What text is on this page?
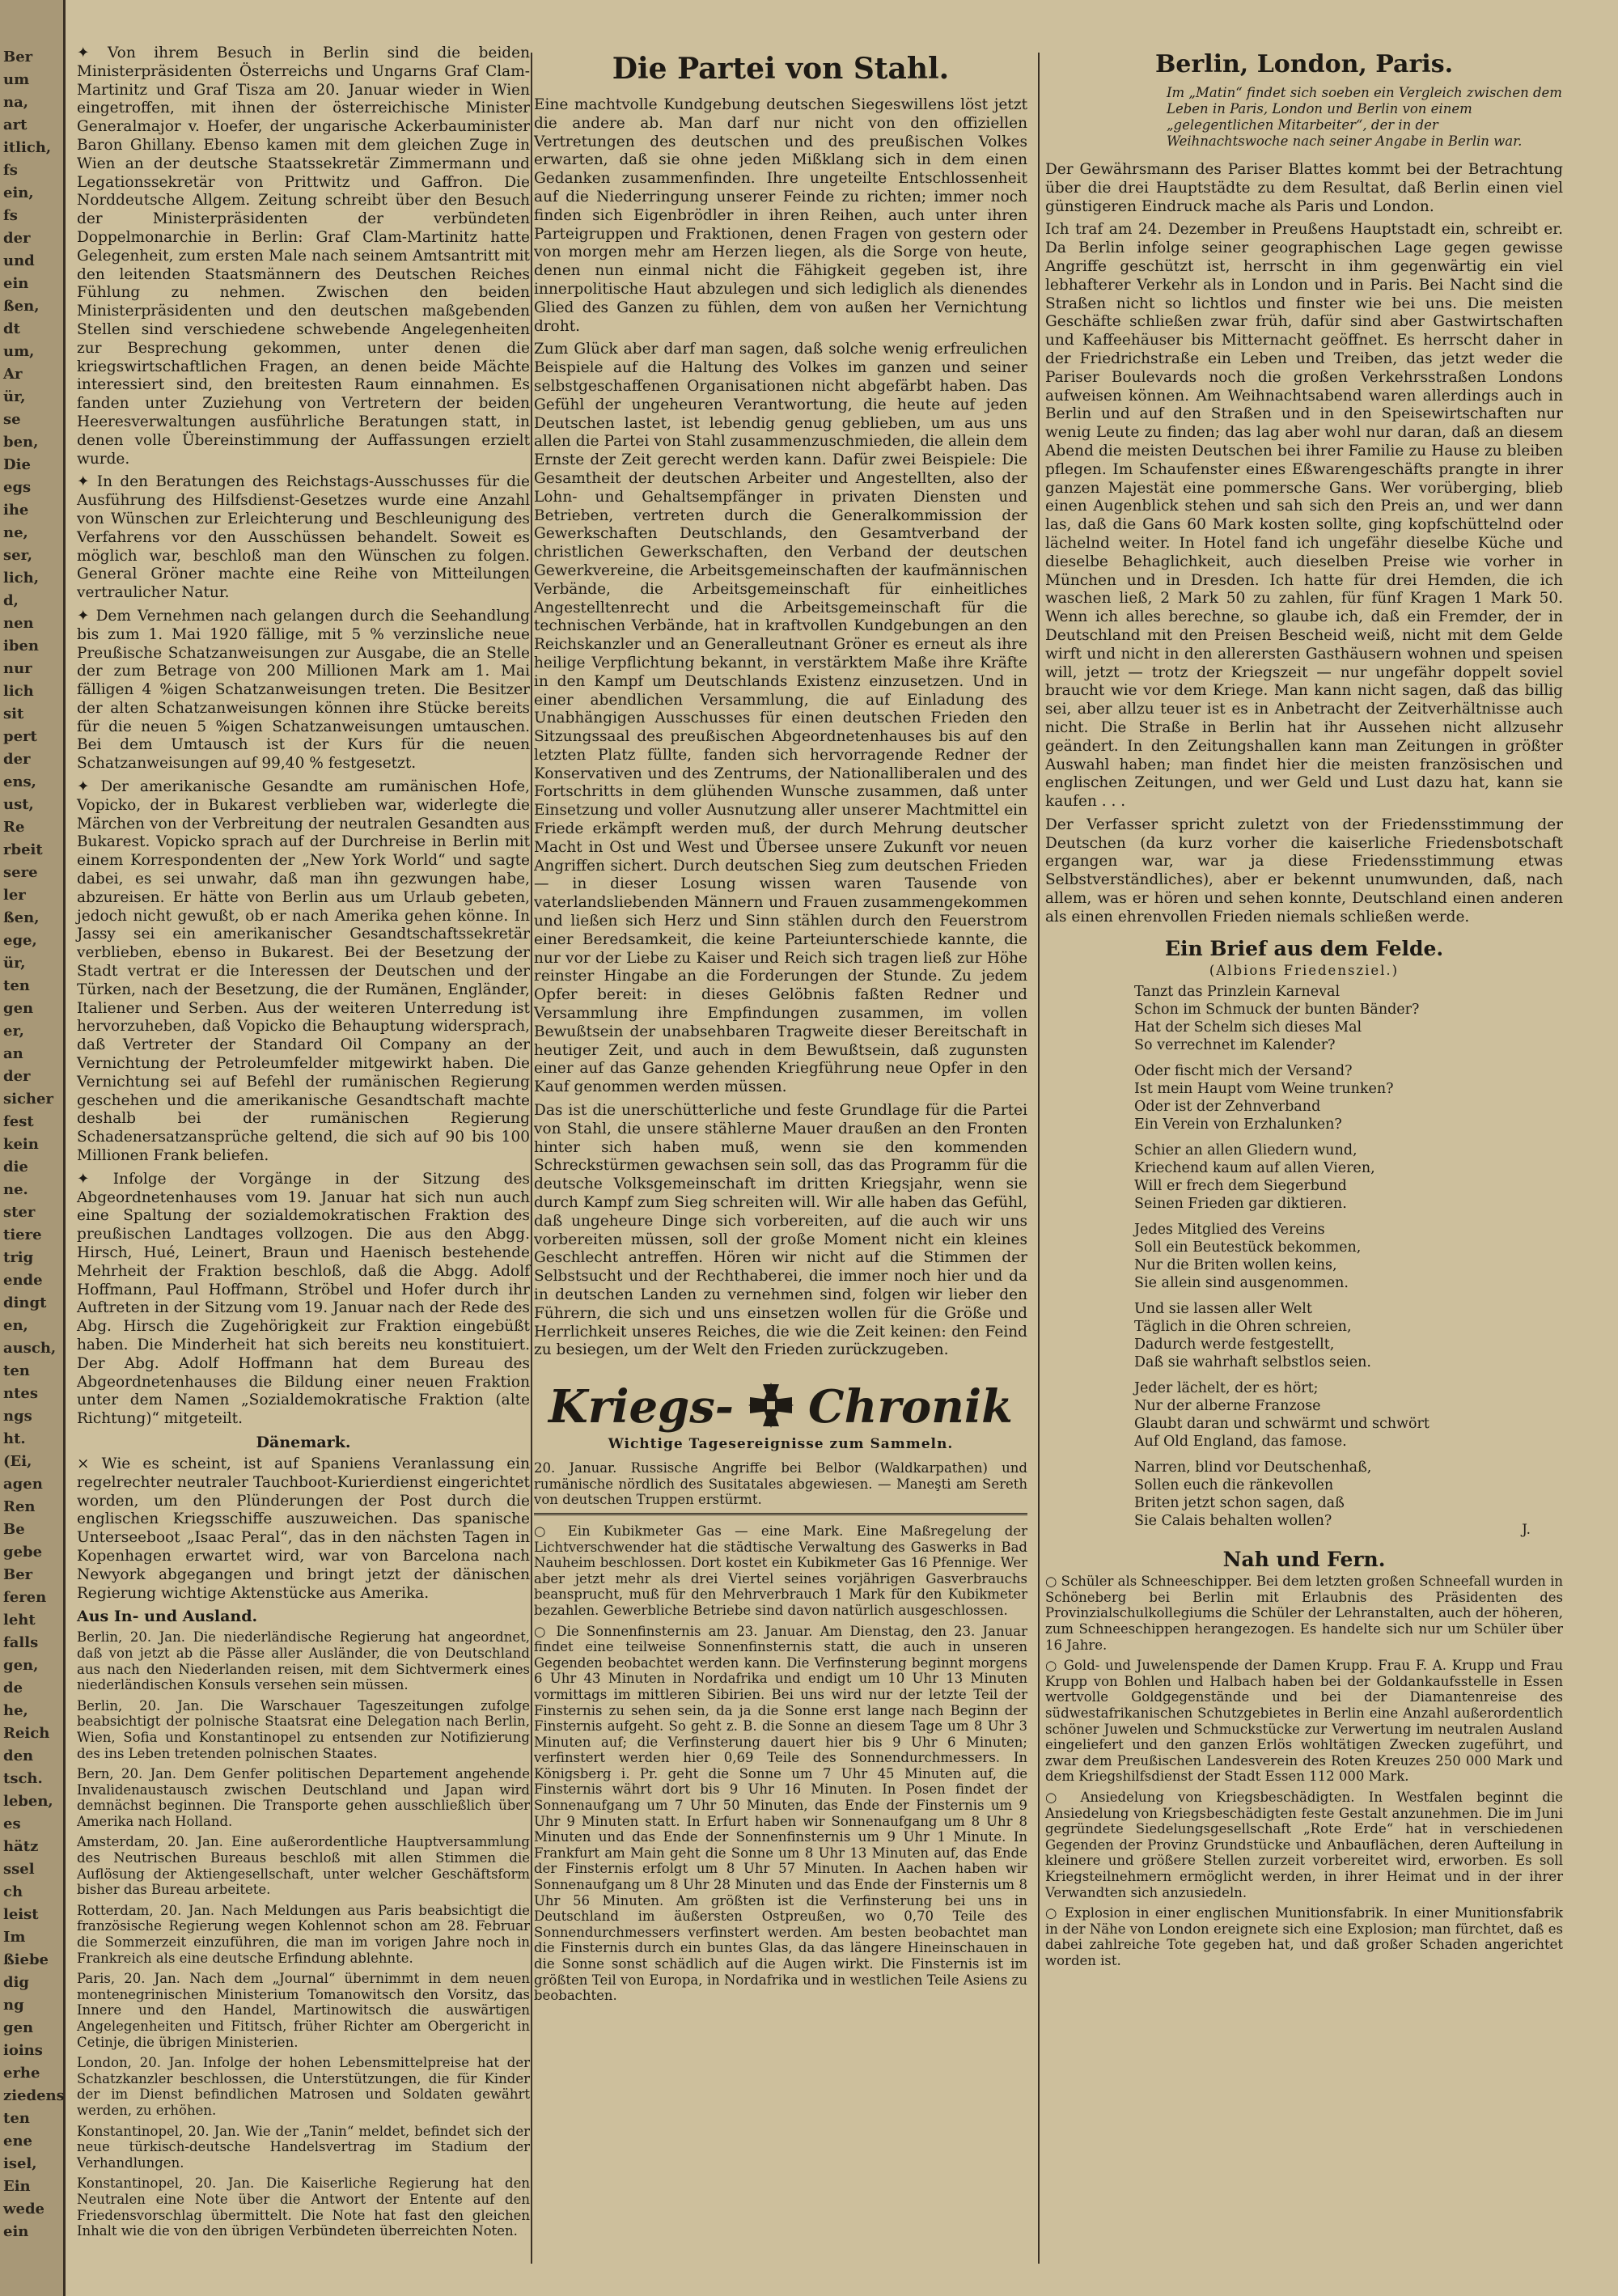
Ber
um
na,
art
itlich,
fs
ein,
fs
der
und
ein
ßen,
dt
um,
Ar
ür,
se
ben,
Die
egs
ihe
ne,
ser,
lich,
d,
nen
iben
nur
lich
sit
pert
der
ens,
ust,
Re
rbeit
sere
ler
ßen,
ege,
ür,
ten
gen
er,
an
der
sicher
fest
kein
die
ne.
ster
tiere
trig
ende
dingt
en,
ausch,
ten
ntes
ngs
ht.
(Ei,
agen
Ren
Be
gebe
Ber
feren
leht
falls
gen,
de
he,
Reich
den
tsch.
leben,
es
hätz
ssel
ch
leist
Im
ßiebe
dig
ng
gen
ioins
erhe
ziedens
ten
ene
isel,
Ein
wede
ein

✦ Von ihrem Besuch in Berlin sind die beiden Ministerpräsidenten Österreichs und Ungarns Graf Clam-Martinitz und Graf Tisza am 20. Januar wieder in Wien eingetroffen, mit ihnen der österreichische Minister Generalmajor v. Hoefer, der ungarische Ackerbauminister Baron Ghillany. Ebenso kamen mit dem gleichen Zuge in Wien an der deutsche Staatssekretär Zimmermann und Legationssekretär von Prittwitz und Gaffron. Die Norddeutsche Allgem. Zeitung schreibt über den Besuch der Ministerpräsidenten der verbündeten Doppelmonarchie in Berlin: Graf Clam-Martinitz hatte Gelegenheit, zum ersten Male nach seinem Amtsantritt mit den leitenden Staatsmännern des Deutschen Reiches Fühlung zu nehmen. Zwischen den beiden Ministerpräsidenten und den deutschen maßgebenden Stellen sind verschiedene schwebende Angelegenheiten zur Besprechung gekommen, unter denen die kriegswirtschaftlichen Fragen, an denen beide Mächte interessiert sind, den breitesten Raum einnahmen. Es fanden unter Zuziehung von Vertretern der beiden Heeresverwaltungen ausführliche Beratungen statt, in denen volle Übereinstimmung der Auffassungen erzielt wurde.

✦ In den Beratungen des Reichstags-Ausschusses für die Ausführung des Hilfsdienst-Gesetzes wurde eine Anzahl von Wünschen zur Erleichterung und Beschleunigung des Verfahrens vor den Ausschüssen behandelt. Soweit es möglich war, beschloß man den Wünschen zu folgen. General Gröner machte eine Reihe von Mitteilungen vertraulicher Natur.

✦ Dem Vernehmen nach gelangen durch die Seehandlung bis zum 1. Mai 1920 fällige, mit 5 % verzinsliche neue Preußische Schatzanweisungen zur Ausgabe, die an Stelle der zum Betrage von 200 Millionen Mark am 1. Mai fälligen 4 %igen Schatzanweisungen treten. Die Besitzer der alten Schatzanweisungen können ihre Stücke bereits für die neuen 5 %igen Schatzanweisungen umtauschen. Bei dem Umtausch ist der Kurs für die neuen Schatzanweisungen auf 99,40 % festgesetzt.

✦ Der amerikanische Gesandte am rumänischen Hofe, Vopicko, der in Bukarest verblieben war, widerlegte die Märchen von der Verbreitung der neutralen Gesandten aus Bukarest. Vopicko sprach auf der Durchreise in Berlin mit einem Korrespondenten der „New York World“ und sagte dabei, es sei unwahr, daß man ihn gezwungen habe, abzureisen. Er hätte von Berlin aus um Urlaub gebeten, jedoch nicht gewußt, ob er nach Amerika gehen könne. In Jassy sei ein amerikanischer Gesandtschaftssekretär verblieben, ebenso in Bukarest. Bei der Besetzung der Stadt vertrat er die Interessen der Deutschen und der Türken, nach der Besetzung, die der Rumänen, Engländer, Italiener und Serben. Aus der weiteren Unterredung ist hervorzuheben, daß Vopicko die Behauptung widersprach, daß Vertreter der Standard Oil Company an der Vernichtung der Petroleumfelder mitgewirkt haben. Die Vernichtung sei auf Befehl der rumänischen Regierung geschehen und die amerikanische Gesandtschaft machte deshalb bei der rumänischen Regierung Schadenersatzansprüche geltend, die sich auf 90 bis 100 Millionen Frank beliefen.

✦ Infolge der Vorgänge in der Sitzung des Abgeordnetenhauses vom 19. Januar hat sich nun auch eine Spaltung der sozialdemokratischen Fraktion des preußischen Landtages vollzogen. Die aus den Abgg. Hirsch, Hué, Leinert, Braun und Haenisch bestehende Mehrheit der Fraktion beschloß, daß die Abgg. Adolf Hoffmann, Paul Hoffmann, Ströbel und Hofer durch ihr Auftreten in der Sitzung vom 19. Januar nach der Rede des Abg. Hirsch die Zugehörigkeit zur Fraktion eingebüßt haben. Die Minderheit hat sich bereits neu konstituiert. Der Abg. Adolf Hoffmann hat dem Bureau des Abgeordnetenhauses die Bildung einer neuen Fraktion unter dem Namen „Sozialdemokratische Fraktion (alte Richtung)“ mitgeteilt.

Dänemark.

× Wie es scheint, ist auf Spaniens Veranlassung ein regelrechter neutraler Tauchboot-Kurierdienst eingerichtet worden, um den Plünderungen der Post durch die englischen Kriegsschiffe auszuweichen. Das spanische Unterseeboot „Isaac Peral“, das in den nächsten Tagen in Kopenhagen erwartet wird, war von Barcelona nach Newyork abgegangen und bringt jetzt der dänischen Regierung wichtige Aktenstücke aus Amerika.

Aus In- und Ausland.

Berlin, 20. Jan. Die niederländische Regierung hat angeordnet, daß von jetzt ab die Pässe aller Ausländer, die von Deutschland aus nach den Niederlanden reisen, mit dem Sichtvermerk eines niederländischen Konsuls versehen sein müssen.

Berlin, 20. Jan. Die Warschauer Tageszeitungen zufolge beabsichtigt der polnische Staatsrat eine Delegation nach Berlin, Wien, Sofia und Konstantinopel zu entsenden zur Notifizierung des ins Leben tretenden polnischen Staates.

Bern, 20. Jan. Dem Genfer politischen Departement angehende Invalidenaustausch zwischen Deutschland und Japan wird demnächst beginnen. Die Transporte gehen ausschließlich über Amerika nach Holland.

Amsterdam, 20. Jan. Eine außerordentliche Hauptversammlung des Neutrischen Bureaus beschloß mit allen Stimmen die Auflösung der Aktiengesellschaft, unter welcher Geschäftsform bisher das Bureau arbeitete.

Rotterdam, 20. Jan. Nach Meldungen aus Paris beabsichtigt die französische Regierung wegen Kohlennot schon am 28. Februar die Sommerzeit einzuführen, die man im vorigen Jahre noch in Frankreich als eine deutsche Erfindung ablehnte.

Paris, 20. Jan. Nach dem „Journal“ übernimmt in dem neuen montenegrinischen Ministerium Tomanowitsch den Vorsitz, das Innere und den Handel, Martinowitsch die auswärtigen Angelegenheiten und Fititsch, früher Richter am Obergericht in Cetinje, die übrigen Ministerien.

London, 20. Jan. Infolge der hohen Lebensmittelpreise hat der Schatzkanzler beschlossen, die Unterstützungen, die für Kinder der im Dienst befindlichen Matrosen und Soldaten gewährt werden, zu erhöhen.

Konstantinopel, 20. Jan. Wie der „Tanin“ meldet, befindet sich der neue türkisch-deutsche Handelsvertrag im Stadium der Verhandlungen.

Konstantinopel, 20. Jan. Die Kaiserliche Regierung hat den Neutralen eine Note über die Antwort der Entente auf den Friedensvorschlag übermittelt. Die Note hat fast den gleichen Inhalt wie die von den übrigen Verbündeten überreichten Noten.

Die Partei von Stahl.

Eine machtvolle Kundgebung deutschen Siegeswillens löst jetzt die andere ab. Man darf nur nicht von den offiziellen Vertretungen des deutschen und des preußischen Volkes erwarten, daß sie ohne jeden Mißklang sich in dem einen Gedanken zusammenfinden. Ihre ungeteilte Entschlossenheit auf die Niederringung unserer Feinde zu richten; immer noch finden sich Eigenbrödler in ihren Reihen, auch unter ihren Parteigruppen und Fraktionen, denen Fragen von gestern oder von morgen mehr am Herzen liegen, als die Sorge von heute, denen nun einmal nicht die Fähigkeit gegeben ist, ihre innerpolitische Haut abzulegen und sich lediglich als dienendes Glied des Ganzen zu fühlen, dem von außen her Vernichtung droht.

Zum Glück aber darf man sagen, daß solche wenig erfreulichen Beispiele auf die Haltung des Volkes im ganzen und seiner selbstgeschaffenen Organisationen nicht abgefärbt haben. Das Gefühl der ungeheuren Verantwortung, die heute auf jeden Deutschen lastet, ist lebendig genug geblieben, um aus uns allen die Partei von Stahl zusammenzuschmieden, die allein dem Ernste der Zeit gerecht werden kann. Dafür zwei Beispiele: Die Gesamtheit der deutschen Arbeiter und Angestellten, also der Lohn- und Gehaltsempfänger in privaten Diensten und Betrieben, vertreten durch die Generalkommission der Gewerkschaften Deutschlands, den Gesamtverband der christlichen Gewerkschaften, den Verband der deutschen Gewerkvereine, die Arbeitsgemeinschaften der kaufmännischen Verbände, die Arbeitsgemeinschaft für einheitliches Angestelltenrecht und die Arbeitsgemeinschaft für die technischen Verbände, hat in kraftvollen Kundgebungen an den Reichskanzler und an Generalleutnant Gröner es erneut als ihre heilige Verpflichtung bekannt, in verstärktem Maße ihre Kräfte in den Kampf um Deutschlands Existenz einzusetzen. Und in einer abendlichen Versammlung, die auf Einladung des Unabhängigen Ausschusses für einen deutschen Frieden den Sitzungssaal des preußischen Abgeordnetenhauses bis auf den letzten Platz füllte, fanden sich hervorragende Redner der Konservativen und des Zentrums, der Nationalliberalen und des Fortschritts in dem glühenden Wunsche zusammen, daß unter Einsetzung und voller Ausnutzung aller unserer Machtmittel ein Friede erkämpft werden muß, der durch Mehrung deutscher Macht in Ost und West und Übersee unsere Zukunft vor neuen Angriffen sichert. Durch deutschen Sieg zum deutschen Frieden — in dieser Losung wissen waren Tausende von vaterlandsliebenden Männern und Frauen zusammengekommen und ließen sich Herz und Sinn stählen durch den Feuerstrom einer Beredsamkeit, die keine Parteiunterschiede kannte, die nur vor der Liebe zu Kaiser und Reich sich tragen ließ zur Höhe reinster Hingabe an die Forderungen der Stunde. Zu jedem Opfer bereit: in dieses Gelöbnis faßten Redner und Versammlung ihre Empfindungen zusammen, im vollen Bewußtsein der unabsehbaren Tragweite dieser Bereitschaft in heutiger Zeit, und auch in dem Bewußtsein, daß zugunsten einer auf das Ganze gehenden Kriegführung neue Opfer in den Kauf genommen werden müssen.

Das ist die unerschütterliche und feste Grundlage für die Partei von Stahl, die unsere stählerne Mauer draußen an den Fronten hinter sich haben muß, wenn sie den kommenden Schreckstürmen gewachsen sein soll, das das Programm für die deutsche Volksgemeinschaft im dritten Kriegsjahr, wenn sie durch Kampf zum Sieg schreiten will. Wir alle haben das Gefühl, daß ungeheure Dinge sich vorbereiten, auf die auch wir uns vorbereiten müssen, soll der große Moment nicht ein kleines Geschlecht antreffen. Hören wir nicht auf die Stimmen der Selbstsucht und der Rechthaberei, die immer noch hier und da in deutschen Landen zu vernehmen sind, folgen wir lieber den Führern, die sich und uns einsetzen wollen für die Größe und Herrlichkeit unseres Reiches, die wie die Zeit keinen: den Feind zu besiegen, um der Welt den Frieden zurückzugeben.

Kriegs- Chronik
Wichtige Tagesereignisse zum Sammeln.

20. Januar. Russische Angriffe bei Belbor (Waldkarpathen) und rumänische nördlich des Susitatales abgewiesen. — Maneşti am Sereth von deutschen Truppen erstürmt.

○ Ein Kubikmeter Gas — eine Mark. Eine Maßregelung der Lichtverschwender hat die städtische Verwaltung des Gaswerks in Bad Nauheim beschlossen. Dort kostet ein Kubikmeter Gas 16 Pfennige. Wer aber jetzt mehr als drei Viertel seines vorjährigen Gasverbrauchs beansprucht, muß für den Mehrverbrauch 1 Mark für den Kubikmeter bezahlen. Gewerbliche Betriebe sind davon natürlich ausgeschlossen.

○ Die Sonnenfinsternis am 23. Januar. Am Dienstag, den 23. Januar findet eine teilweise Sonnenfinsternis statt, die auch in unseren Gegenden beobachtet werden kann. Die Verfinsterung beginnt morgens 6 Uhr 43 Minuten in Nordafrika und endigt um 10 Uhr 13 Minuten vormittags im mittleren Sibirien. Bei uns wird nur der letzte Teil der Finsternis zu sehen sein, da ja die Sonne erst lange nach Beginn der Finsternis aufgeht. So geht z. B. die Sonne an diesem Tage um 8 Uhr 3 Minuten auf; die Verfinsterung dauert hier bis 9 Uhr 6 Minuten; verfinstert werden hier 0,69 Teile des Sonnendurchmessers. In Königsberg i. Pr. geht die Sonne um 7 Uhr 45 Minuten auf, die Finsternis währt dort bis 9 Uhr 16 Minuten. In Posen findet der Sonnenaufgang um 7 Uhr 50 Minuten, das Ende der Finsternis um 9 Uhr 9 Minuten statt. In Erfurt haben wir Sonnenaufgang um 8 Uhr 8 Minuten und das Ende der Sonnenfinsternis um 9 Uhr 1 Minute. In Frankfurt am Main geht die Sonne um 8 Uhr 13 Minuten auf, das Ende der Finsternis erfolgt um 8 Uhr 57 Minuten. In Aachen haben wir Sonnenaufgang um 8 Uhr 28 Minuten und das Ende der Finsternis um 8 Uhr 56 Minuten. Am größten ist die Verfinsterung bei uns in Deutschland im äußersten Ostpreußen, wo 0,70 Teile des Sonnendurchmessers verfinstert werden. Am besten beobachtet man die Finsternis durch ein buntes Glas, da das längere Hineinschauen in die Sonne sonst schädlich auf die Augen wirkt. Die Finsternis ist im größten Teil von Europa, in Nordafrika und in westlichen Teile Asiens zu beobachten.

Berlin, London, Paris.
Im „Matin“ findet sich soeben ein Vergleich zwischen dem Leben in Paris, London und Berlin von einem „gelegentlichen Mitarbeiter“, der in der Weihnachtswoche nach seiner Angabe in Berlin war.

Der Gewährsmann des Pariser Blattes kommt bei der Betrachtung über die drei Hauptstädte zu dem Resultat, daß Berlin einen viel günstigeren Eindruck mache als Paris und London.

Ich traf am 24. Dezember in Preußens Hauptstadt ein, schreibt er. Da Berlin infolge seiner geographischen Lage gegen gewisse Angriffe geschützt ist, herrscht in ihm gegenwärtig ein viel lebhafterer Verkehr als in London und in Paris. Bei Nacht sind die Straßen nicht so lichtlos und finster wie bei uns. Die meisten Geschäfte schließen zwar früh, dafür sind aber Gastwirtschaften und Kaffeehäuser bis Mitternacht geöffnet. Es herrscht daher in der Friedrichstraße ein Leben und Treiben, das jetzt weder die Pariser Boulevards noch die großen Verkehrsstraßen Londons aufweisen können. Am Weihnachtsabend waren allerdings auch in Berlin und auf den Straßen und in den Speisewirtschaften nur wenig Leute zu finden; das lag aber wohl nur daran, daß an diesem Abend die meisten Deutschen bei ihrer Familie zu Hause zu bleiben pflegen. Im Schaufenster eines Eßwarengeschäfts prangte in ihrer ganzen Majestät eine pommersche Gans. Wer vorüberging, blieb einen Augenblick stehen und sah sich den Preis an, und wer dann las, daß die Gans 60 Mark kosten sollte, ging kopfschüttelnd oder lächelnd weiter. In Hotel fand ich ungefähr dieselbe Küche und dieselbe Behaglichkeit, auch dieselben Preise wie vorher in München und in Dresden. Ich hatte für drei Hemden, die ich waschen ließ, 2 Mark 50 zu zahlen, für fünf Kragen 1 Mark 50. Wenn ich alles berechne, so glaube ich, daß ein Fremder, der in Deutschland mit den Preisen Bescheid weiß, nicht mit dem Gelde wirft und nicht in den allerersten Gasthäusern wohnen und speisen will, jetzt — trotz der Kriegszeit — nur ungefähr doppelt soviel braucht wie vor dem Kriege. Man kann nicht sagen, daß das billig sei, aber allzu teuer ist es in Anbetracht der Zeitverhältnisse auch nicht. Die Straße in Berlin hat ihr Aussehen nicht allzusehr geändert. In den Zeitungshallen kann man Zeitungen in größter Auswahl haben; man findet hier die meisten französischen und englischen Zeitungen, und wer Geld und Lust dazu hat, kann sie kaufen . . .

Der Verfasser spricht zuletzt von der Friedensstimmung der Deutschen (da kurz vorher die kaiserliche Friedensbotschaft ergangen war, war ja diese Friedensstimmung etwas Selbstverständliches), aber er bekennt unumwunden, daß, nach allem, was er hören und sehen konnte, Deutschland einen anderen als einen ehrenvollen Frieden niemals schließen werde.

Ein Brief aus dem Felde.
(Albions Friedensziel.)
Tanzt das Prinzlein Karneval
Schon im Schmuck der bunten Bänder?
Hat der Schelm sich dieses Mal
So verrechnet im Kalender?
Oder fischt mich der Versand?
Ist mein Haupt vom Weine trunken?
Oder ist der Zehnverband
Ein Verein von Erzhalunken?
Schier an allen Gliedern wund,
Kriechend kaum auf allen Vieren,
Will er frech dem Siegerbund
Seinen Frieden gar diktieren.
Jedes Mitglied des Vereins
Soll ein Beutestück bekommen,
Nur die Briten wollen keins,
Sie allein sind ausgenommen.
Und sie lassen aller Welt
Täglich in die Ohren schreien,
Dadurch werde festgestellt,
Daß sie wahrhaft selbstlos seien.
Jeder lächelt, der es hört;
Nur der alberne Franzose
Glaubt daran und schwärmt und schwört
Auf Old England, das famose.
Narren, blind vor Deutschenhaß,
Sollen euch die ränkevollen
Briten jetzt schon sagen, daß
Sie Calais behalten wollen?
J.
Nah und Fern.

○ Schüler als Schneeschipper. Bei dem letzten großen Schneefall wurden in Schöneberg bei Berlin mit Erlaubnis des Präsidenten des Provinzialschulkollegiums die Schüler der Lehranstalten, auch der höheren, zum Schneeschippen herangezogen. Es handelte sich nur um Schüler über 16 Jahre.

○ Gold- und Juwelenspende der Damen Krupp. Frau F. A. Krupp und Frau Krupp von Bohlen und Halbach haben bei der Goldankaufsstelle in Essen wertvolle Goldgegenstände und bei der Diamantenreise des südwestafrikanischen Schutzgebietes in Berlin eine Anzahl außerordentlich schöner Juwelen und Schmuckstücke zur Verwertung im neutralen Ausland eingeliefert und den ganzen Erlös wohltätigen Zwecken zugeführt, und zwar dem Preußischen Landesverein des Roten Kreuzes 250 000 Mark und dem Kriegshilfsdienst der Stadt Essen 112 000 Mark.

○ Ansiedelung von Kriegsbeschädigten. In Westfalen beginnt die Ansiedelung von Kriegsbeschädigten feste Gestalt anzunehmen. Die im Juni gegründete Siedelungsgesellschaft „Rote Erde“ hat in verschiedenen Gegenden der Provinz Grundstücke und Anbauflächen, deren Aufteilung in kleinere und größere Stellen zurzeit vorbereitet wird, erworben. Es soll Kriegsteilnehmern ermöglicht werden, in ihrer Heimat und in der ihrer Verwandten sich anzusiedeln.

○ Explosion in einer englischen Munitionsfabrik. In einer Munitionsfabrik in der Nähe von London ereignete sich eine Explosion; man fürchtet, daß es dabei zahlreiche Tote gegeben hat, und daß großer Schaden angerichtet worden ist.
